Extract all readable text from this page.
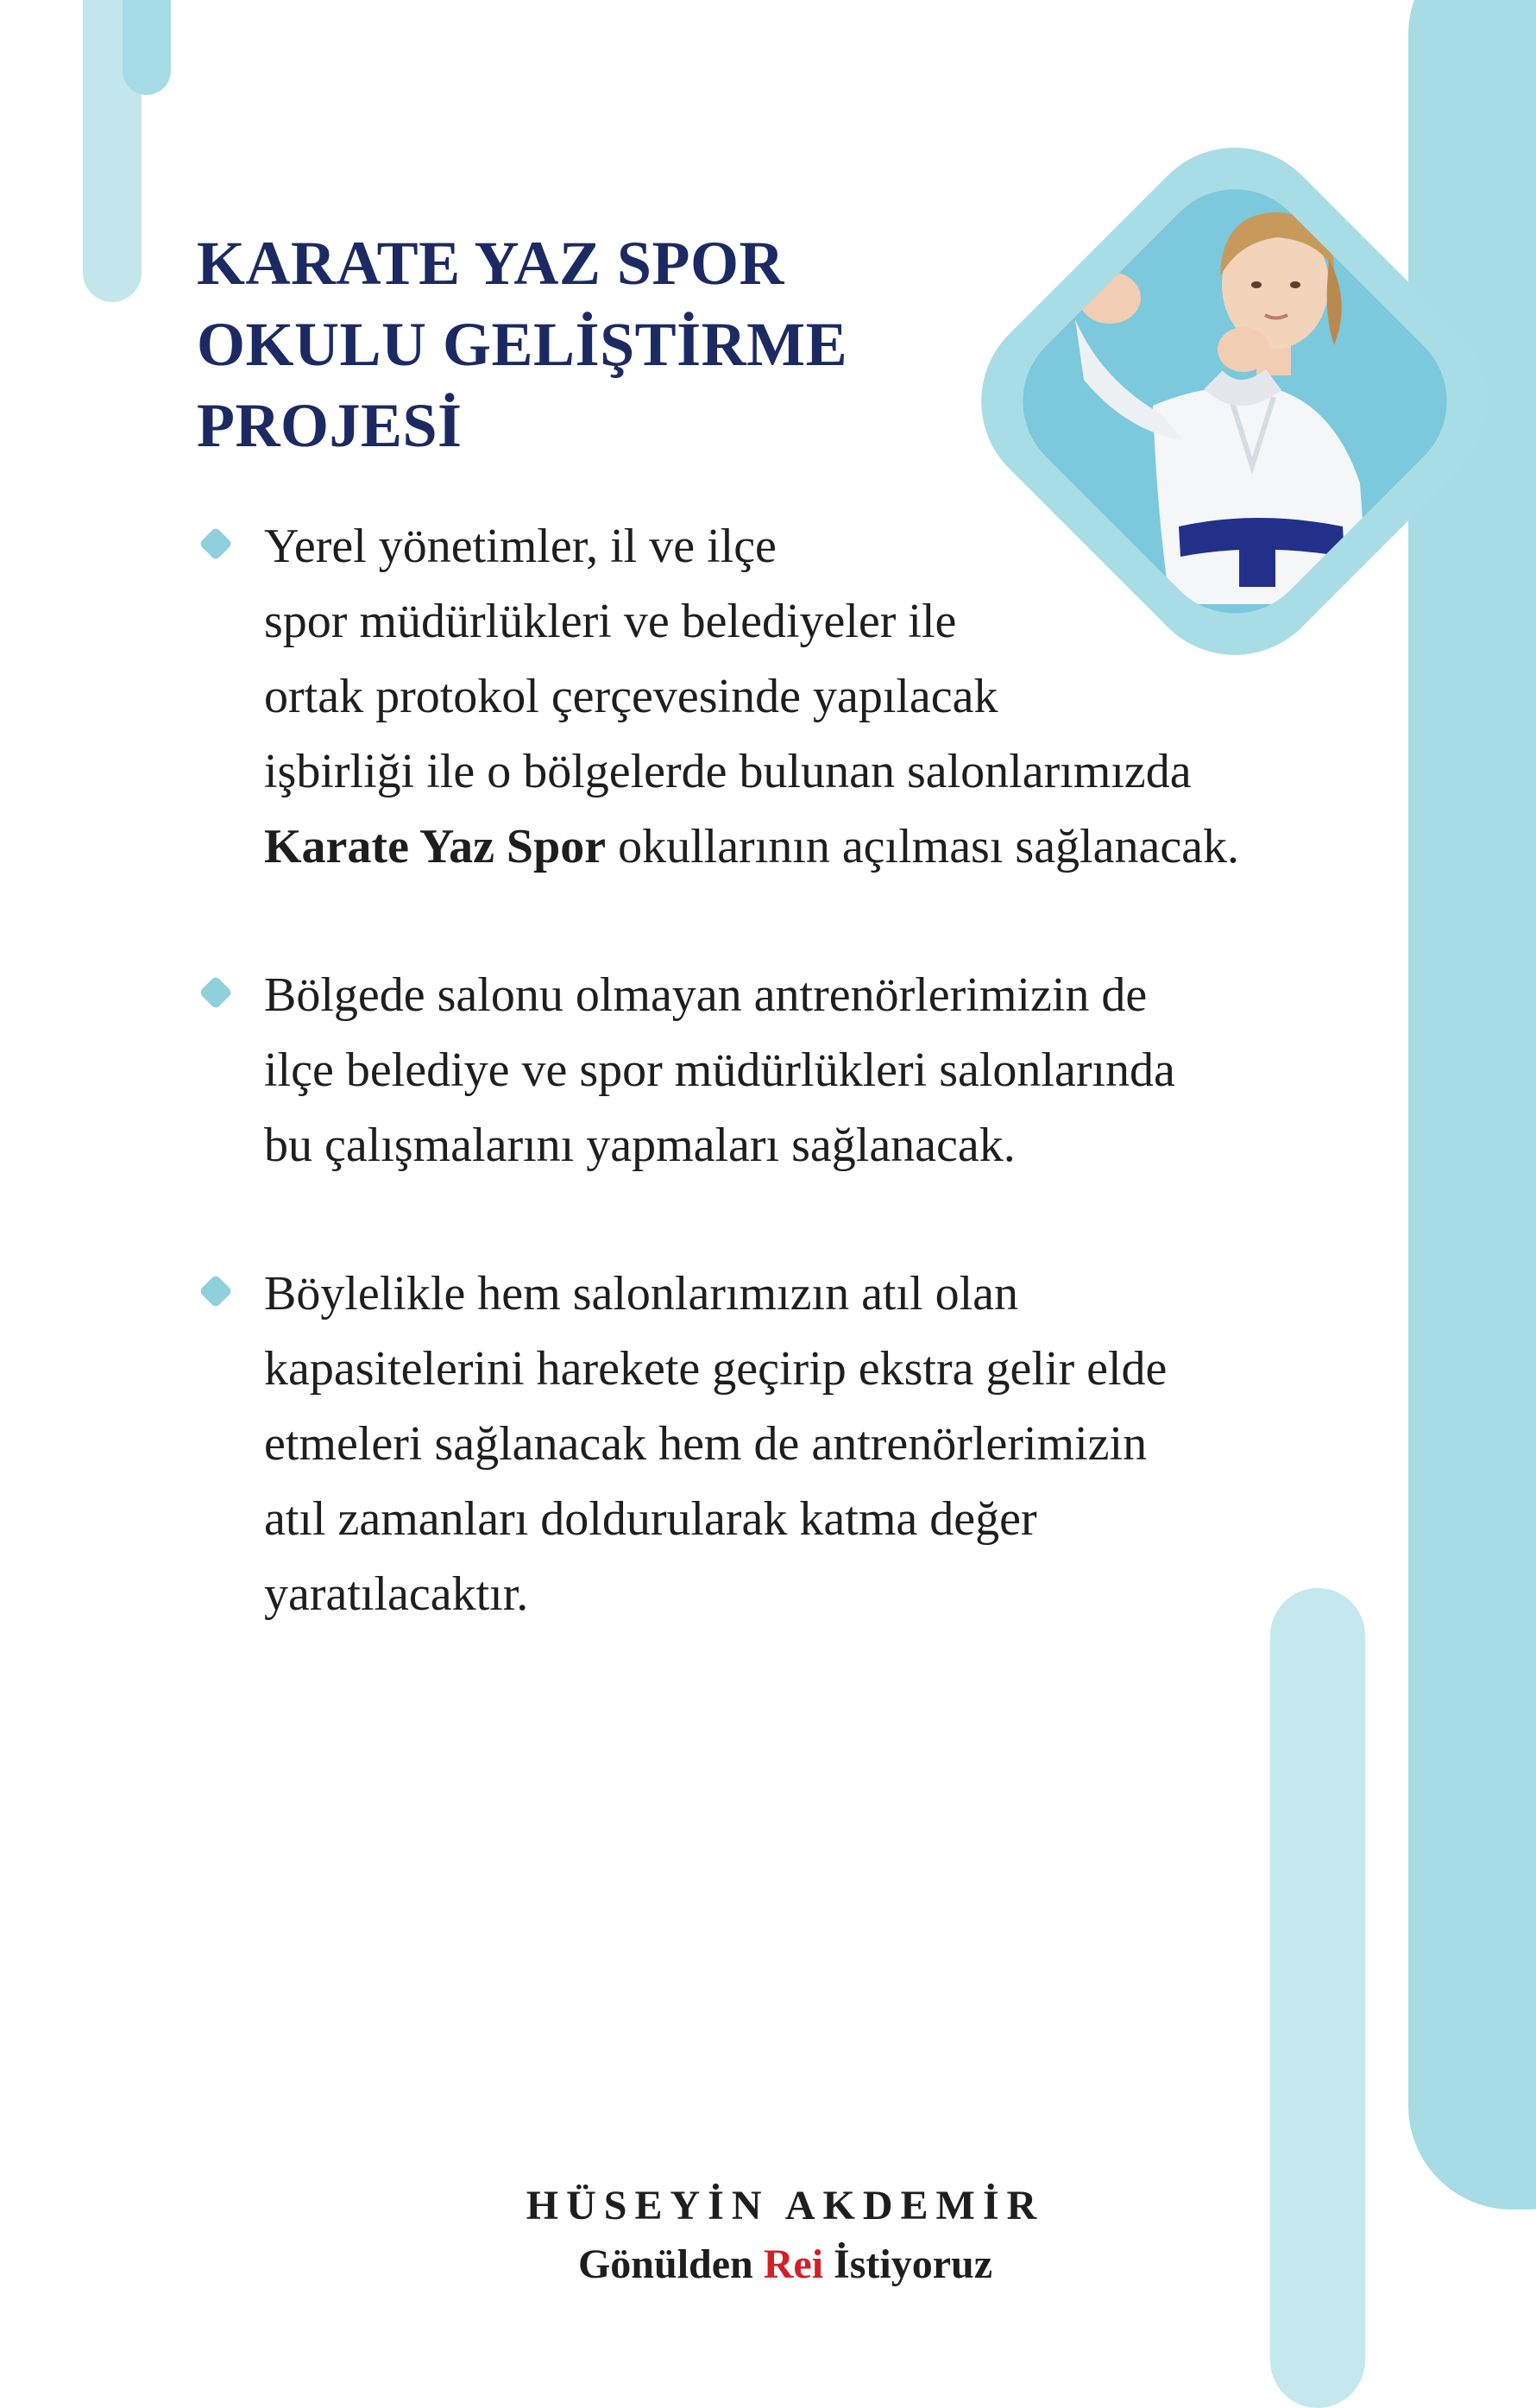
KARATE YAZ SPOR
OKULU GELİŞTİRME
PROJESİ
Yerel yönetimler, il ve ilçe
spor müdürlükleri ve belediyeler ile
ortak protokol çerçevesinde yapılacak
işbirliği ile o bölgelerde bulunan salonlarımızda
Karate Yaz Spor okullarının açılması sağlanacak.
Bölgede salonu olmayan antrenörlerimizin de
ilçe belediye ve spor müdürlükleri salonlarında
bu çalışmalarını yapmaları sağlanacak.
Böylelikle hem salonlarımızın atıl olan
kapasitelerini harekete geçirip ekstra gelir elde
etmeleri sağlanacak hem de antrenörlerimizin
atıl zamanları doldurularak katma değer
yaratılacaktır.
HÜSEYİN AKDEMİR
Gönülden Rei İstiyoruz
